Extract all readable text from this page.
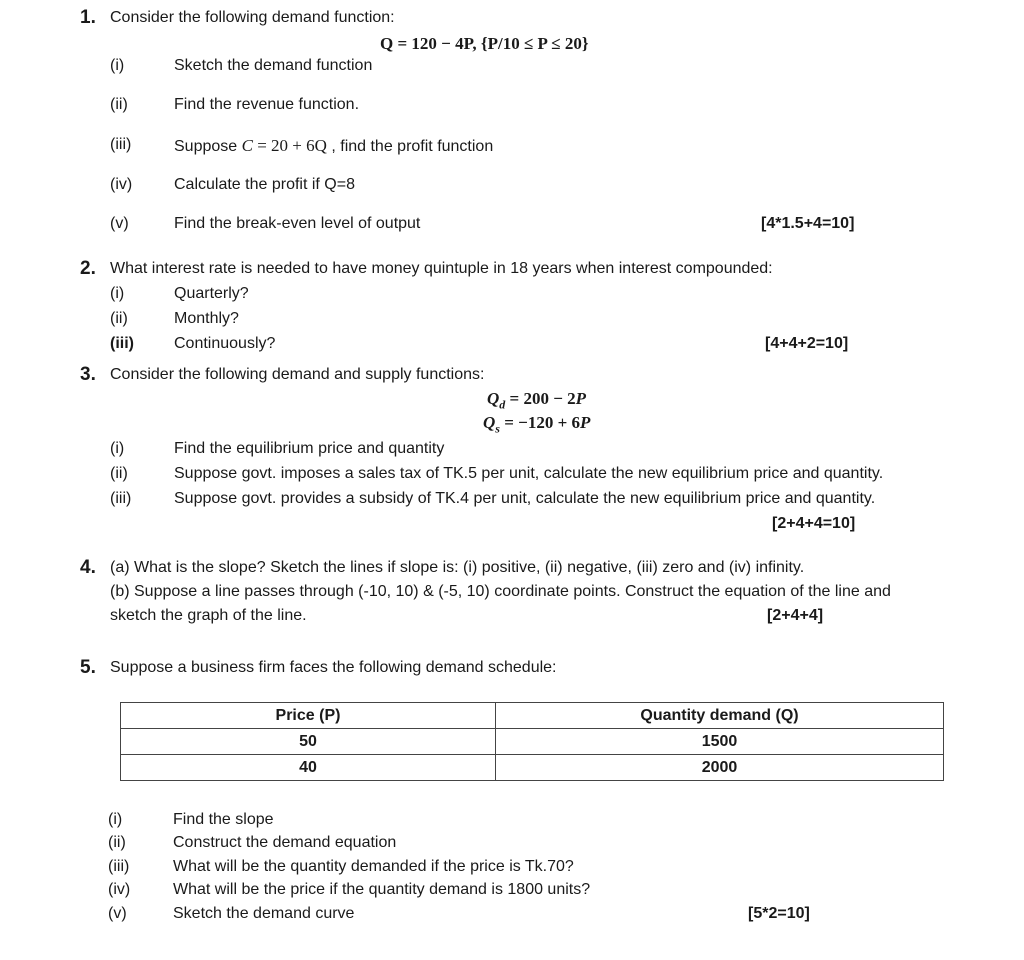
1. Consider the following demand function:
Q = 120 − 4P, {P/10 ≤ P ≤ 20}
(i)	Sketch the demand function
(ii)	Find the revenue function.
(iii)	Suppose C = 20 + 6Q , find the profit function
(iv)	Calculate the profit if Q=8
(v)	Find the break-even level of output	[4*1.5+4=10]
2. What interest rate is needed to have money quintuple in 18 years when interest compounded:
(i)	Quarterly?
(ii)	Monthly?
(iii)	Continuously?	[4+4+2=10]
3. Consider the following demand and supply functions:
$Q_d = 200 - 2P$
$Q_s = -120 + 6P$
(i)	Find the equilibrium price and quantity
(ii)	Suppose govt. imposes a sales tax of TK.5 per unit, calculate the new equilibrium price and quantity.
(iii)	Suppose govt. provides a subsidy of TK.4 per unit, calculate the new equilibrium price and quantity.
[2+4+4=10]
4. (a) What is the slope? Sketch the lines if slope is: (i) positive, (ii) negative, (iii) zero and (iv) infinity.
(b) Suppose a line passes through (-10, 10) & (-5, 10) coordinate points. Construct the equation of the line and
sketch the graph of the line.	[2+4+4]
5. Suppose a business firm faces the following demand schedule:
Price (P)	Quantity demand (Q)
50	1500
40	2000
(i)	Find the slope
(ii)	Construct the demand equation
(iii)	What will be the quantity demanded if the price is Tk.70?
(iv)	What will be the price if the quantity demand is 1800 units?
(v)	Sketch the demand curve	[5*2=10]
